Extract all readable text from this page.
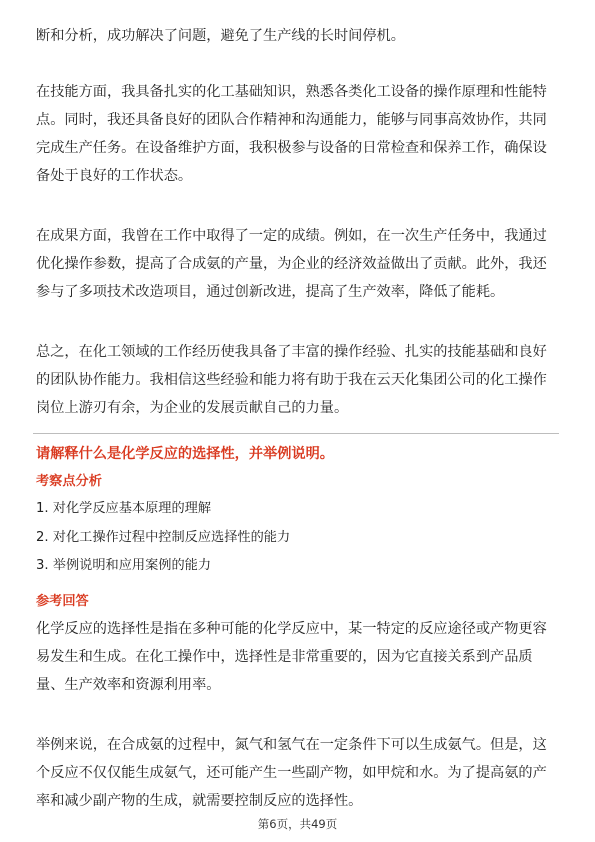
断和分析，成功解决了问题，避免了生产线的长时间停机。
在技能方面，我具备扎实的化工基础知识，熟悉各类化工设备的操作原理和性能特
点。同时，我还具备良好的团队合作精神和沟通能力，能够与同事高效协作，共同
完成生产任务。在设备维护方面，我积极参与设备的日常检查和保养工作，确保设
备处于良好的工作状态。
在成果方面，我曾在工作中取得了一定的成绩。例如，在一次生产任务中，我通过
优化操作参数，提高了合成氨的产量，为企业的经济效益做出了贡献。此外，我还
参与了多项技术改造项目，通过创新改进，提高了生产效率，降低了能耗。
总之，在化工领域的工作经历使我具备了丰富的操作经验、扎实的技能基础和良好
的团队协作能力。我相信这些经验和能力将有助于我在云天化集团公司的化工操作
岗位上游刃有余，为企业的发展贡献自己的力量。
请解释什么是化学反应的选择性，并举例说明。
考察点分析
1. 对化学反应基本原理的理解
2. 对化工操作过程中控制反应选择性的能力
3. 举例说明和应用案例的能力
参考回答
化学反应的选择性是指在多种可能的化学反应中，某一特定的反应途径或产物更容
易发生和生成。在化工操作中，选择性是非常重要的，因为它直接关系到产品质
量、生产效率和资源利用率。
举例来说，在合成氨的过程中，氮气和氢气在一定条件下可以生成氨气。但是，这
个反应不仅仅能生成氨气，还可能产生一些副产物，如甲烷和水。为了提高氨的产
率和减少副产物的生成，就需要控制反应的选择性。
第6页，共49页
